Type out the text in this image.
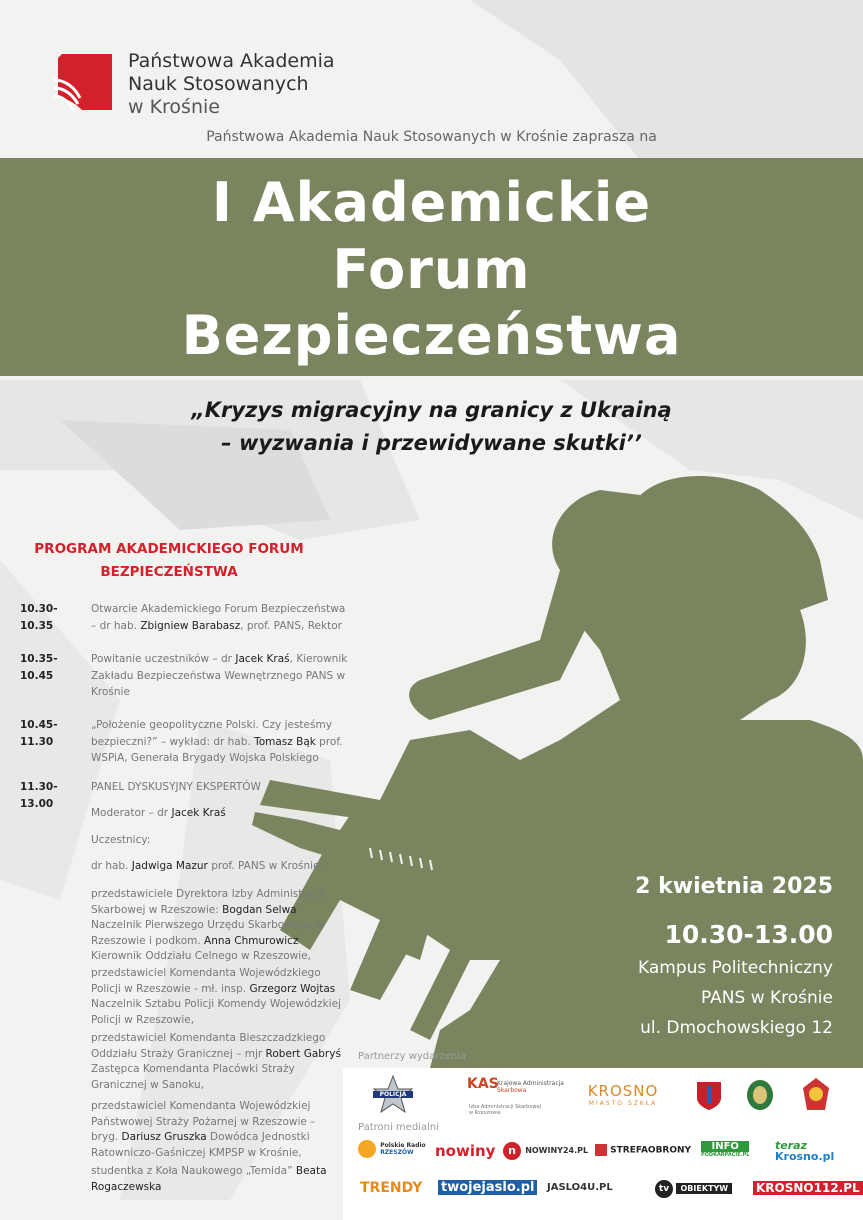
Państwowa Akademia
Nauk Stosowanych
w Krośnie
Państwowa Akademia Nauk Stosowanych w Krośnie zaprasza na
I Akademickie
Forum
Bezpieczeństwa
„Kryzys migracyjny na granicy z Ukrainą
– wyzwania i przewidywane skutki’’
PROGRAM AKADEMICKIEGO FORUM
BEZPIECZEŃSTWA
10.30-10.35
Otwarcie Akademickiego Forum Bezpieczeństwa – dr hab. Zbigniew Barabasz, prof. PANS, Rektor
10.35-10.45
Powitanie uczestników – dr Jacek Kraś, Kierownik Zakładu Bezpieczeństwa Wewnętrznego PANS w Krośnie
10.45-11.30
„Położenie geopolityczne Polski. Czy jesteśmy bezpieczni?” – wykład: dr hab. Tomasz Bąk prof. WSPiA, Generała Brygady Wojska Polskiego
11.30-13.00
PANEL DYSKUSYJNY EKSPERTÓW
Moderator – dr Jacek Kraś
Uczestnicy:
dr hab. Jadwiga Mazur prof. PANS w Krośnie,
przedstawiciele Dyrektora Izby Administracji Skarbowej w Rzeszowie: Bogdan Selwa – Naczelnik Pierwszego Urzędu Skarbowego w Rzeszowie i podkom. Anna Chmurowicz Kierownik Oddziału Celnego w Rzeszowie,
przedstawiciel Komendanta Wojewódzkiego Policji w Rzeszowie - mł. insp. Grzegorz Wojtas Naczelnik Sztabu Policji Komendy Wojewódzkiej Policji w Rzeszowie,
przedstawiciel Komendanta Bieszczadzkiego Oddziału Straży Granicznej – mjr Robert Gabryś Zastępca Komendanta Placówki Straży Granicznej w Sanoku,
przedstawiciel Komendanta Wojewódzkiej Państwowej Straży Pożarnej w Rzeszowie – bryg. Dariusz Gruszka Dowódca Jednostki Ratowniczo-Gaśniczej KMPSP w Krośnie,
studentka z Koła Naukowego „Temida” Beata Rogaczewska
2 kwietnia 2025
10.30-13.00
Kampus Politechniczny
PANS w Krośnie
ul. Dmochowskiego 12
Partnerzy wydarzenia
POLICJA
KAS
Krajowa Administracja
Skarbowa
Izba Administracji Skarbowej
w Rzeszowie
KROSNO
MIASTO SZKŁA

Polskie Radio
RZESZÓW	nowiny	n NOWINY24.PL	STREFAOBRONY	INFO
PODKARPACIE.PL
teraz
Krosno.pl
TRENDY twojejaslo.pl	JASLO4U.PL	tv OBIEKTYW	KROSNO112.PL
Patroni medialni
